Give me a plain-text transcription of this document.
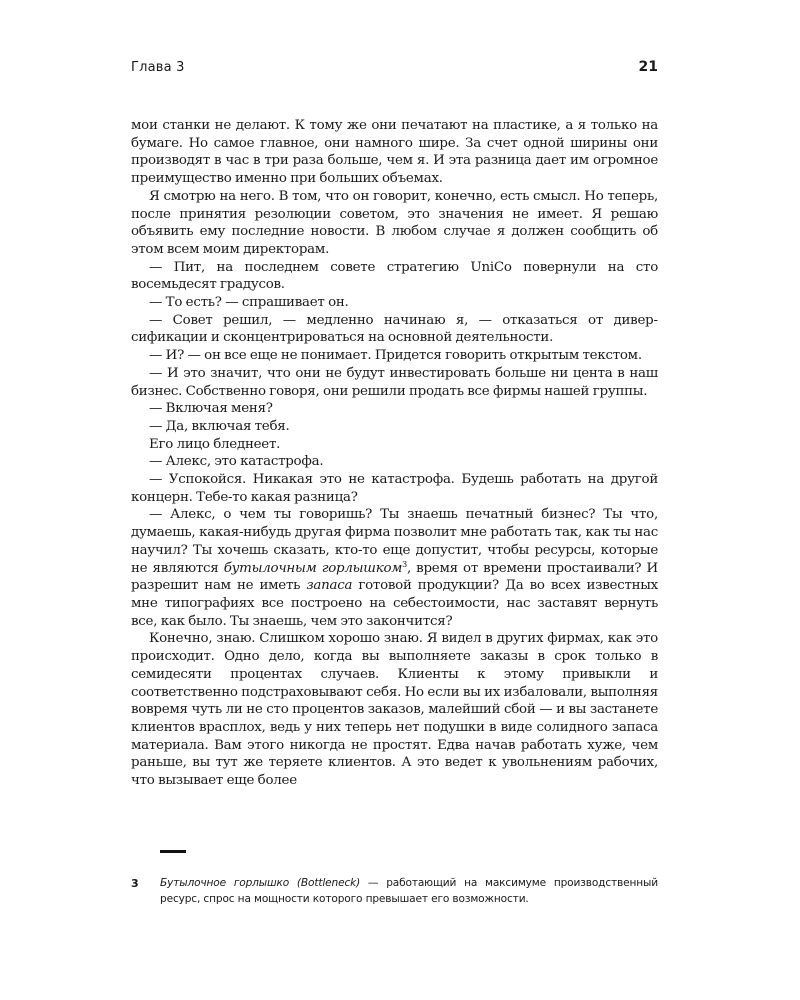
Глава 3	21

мои станки не делают. К тому же они печатают на пластике, а я только на бумаге. Но самое главное, они намного шире. За счет одной ширины они производят в час в три раза больше, чем я. И эта разница дает им огромное преимущество именно при больших объемах.

Я смотрю на него. В том, что он говорит, конечно, есть смысл. Но теперь, после принятия резолюции советом, это значения не имеет. Я решаю объявить ему последние новости. В любом случае я должен сообщить об этом всем моим директорам.

— Пит, на последнем совете стратегию UniCo повернули на сто восемьдесят градусов.

— То есть? — спрашивает он.

— Совет решил, — медленно начинаю я, — отказаться от диверсификации и сконцентрироваться на основной деятельности.

— И? — он все еще не понимает. Придется говорить открытым текстом.

— И это значит, что они не будут инвестировать больше ни цента в наш бизнес. Собственно говоря, они решили продать все фирмы нашей группы.

— Включая меня?

— Да, включая тебя.

Его лицо бледнеет.

— Алекс, это катастрофа.

— Успокойся. Никакая это не катастрофа. Будешь работать на другой концерн. Тебе-то какая разница?

— Алекс, о чем ты говоришь? Ты знаешь печатный бизнес? Ты что, думаешь, какая-нибудь другая фирма позволит мне работать так, как ты нас научил? Ты хочешь сказать, кто-то еще допустит, чтобы ресурсы, которые не являются бутылочным горлышком$^3$, время от времени простаивали? И разрешит нам не иметь запаса готовой продукции? Да во всех известных мне типографиях все построено на себестоимости, нас заставят вернуть все, как было. Ты знаешь, чем это закончится?

Конечно, знаю. Слишком хорошо знаю. Я видел в других фирмах, как это происходит. Одно дело, когда вы выполняете заказы в срок только в семидесяти процентах случаев. Клиенты к этому привыкли и соответственно подстраховывают себя. Но если вы их избаловали, выполняя вовремя чуть ли не сто процентов заказов, малейший сбой — и вы застанете клиентов врасплох, ведь у них теперь нет подушки в виде солидного запаса материала. Вам этого никогда не простят. Едва начав работать хуже, чем раньше, вы тут же теряете клиентов. А это ведет к увольнениям рабочих, что вызывает еще более

3 Бутылочное горлышко (Bottleneck) — работающий на максимуме производственный ресурс, спрос на мощности которого превышает его возможности.
